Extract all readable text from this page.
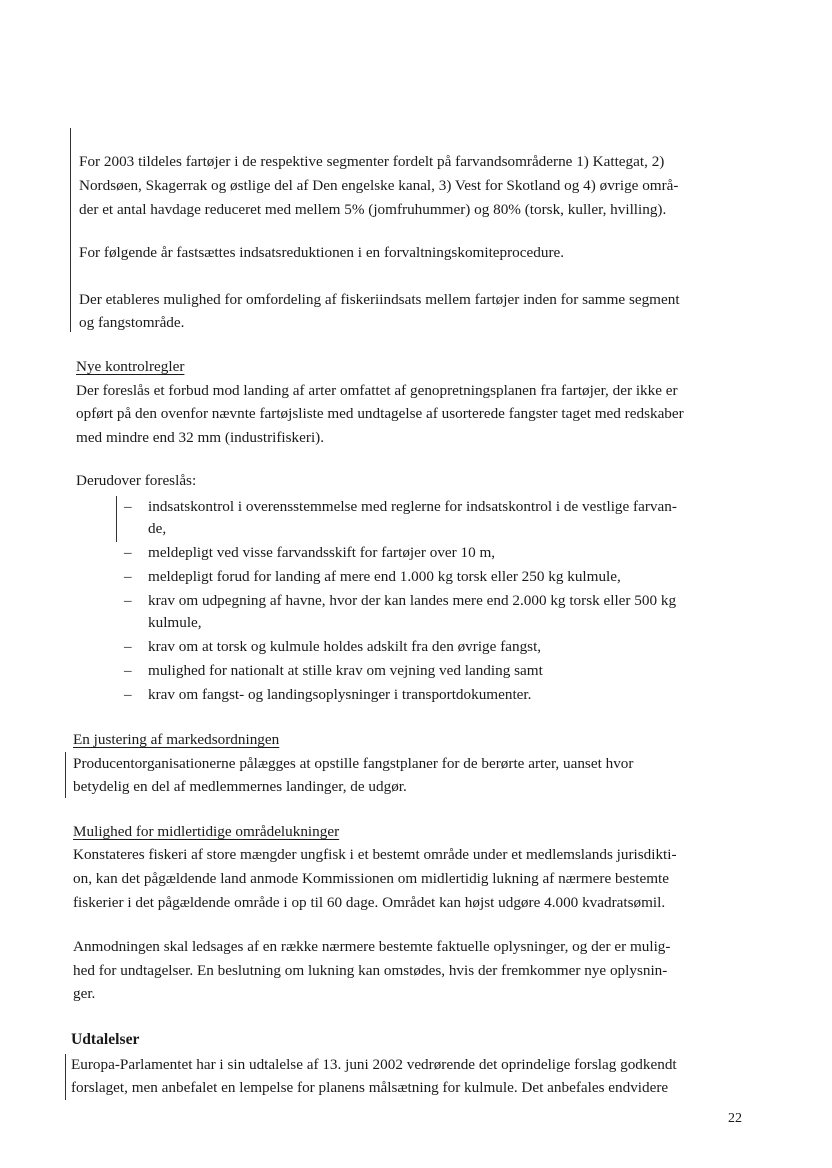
For 2003 tildeles fartøjer i de respektive segmenter fordelt på farvandsområderne 1) Kattegat, 2)
Nordsøen, Skagerrak og østlige del af Den engelske kanal, 3) Vest for Skotland og 4) øvrige områ-
der et antal havdage reduceret med mellem 5% (jomfruhummer) og 80% (torsk, kuller, hvilling).
For følgende år fastsættes indsatsreduktionen i en forvaltningskomiteprocedure.
Der etableres mulighed for omfordeling af fiskeriindsats mellem fartøjer inden for samme segment
og fangstområde.
Nye kontrolregler
Der foreslås et forbud mod landing af arter omfattet af genopretningsplanen fra fartøjer, der ikke er
opført på den ovenfor nævnte fartøjsliste med undtagelse af usorterede fangster taget med redskaber
med mindre end 32 mm (industrifiskeri).
Derudover foreslås:
– indsatskontrol i overensstemmelse med reglerne for indsatskontrol i de vestlige farvan-
de,
– meldepligt ved visse farvandsskift for fartøjer over 10 m,
– meldepligt forud for landing af mere end 1.000 kg torsk eller 250 kg kulmule,
– krav om udpegning af havne, hvor der kan landes mere end 2.000 kg torsk eller 500 kg
kulmule,
– krav om at torsk og kulmule holdes adskilt fra den øvrige fangst,
– mulighed for nationalt at stille krav om vejning ved landing samt
– krav om fangst- og landingsoplysninger i transportdokumenter.
En justering af markedsordningen
Producentorganisationerne pålægges at opstille fangstplaner for de berørte arter, uanset hvor
betydelig en del af medlemmernes landinger, de udgør.
Mulighed for midlertidige områdelukninger
Konstateres fiskeri af store mængder ungfisk i et bestemt område under et medlemslands jurisdikti-
on, kan det pågældende land anmode Kommissionen om midlertidig lukning af nærmere bestemte
fiskerier i det pågældende område i op til 60 dage. Området kan højst udgøre 4.000 kvadratsømil.
Anmodningen skal ledsages af en række nærmere bestemte faktuelle oplysninger, og der er mulig-
hed for undtagelser. En beslutning om lukning kan omstødes, hvis der fremkommer nye oplysnin-
ger.
Udtalelser
Europa-Parlamentet har i sin udtalelse af 13. juni 2002 vedrørende det oprindelige forslag godkendt
forslaget, men anbefalet en lempelse for planens målsætning for kulmule. Det anbefales endvidere
22
